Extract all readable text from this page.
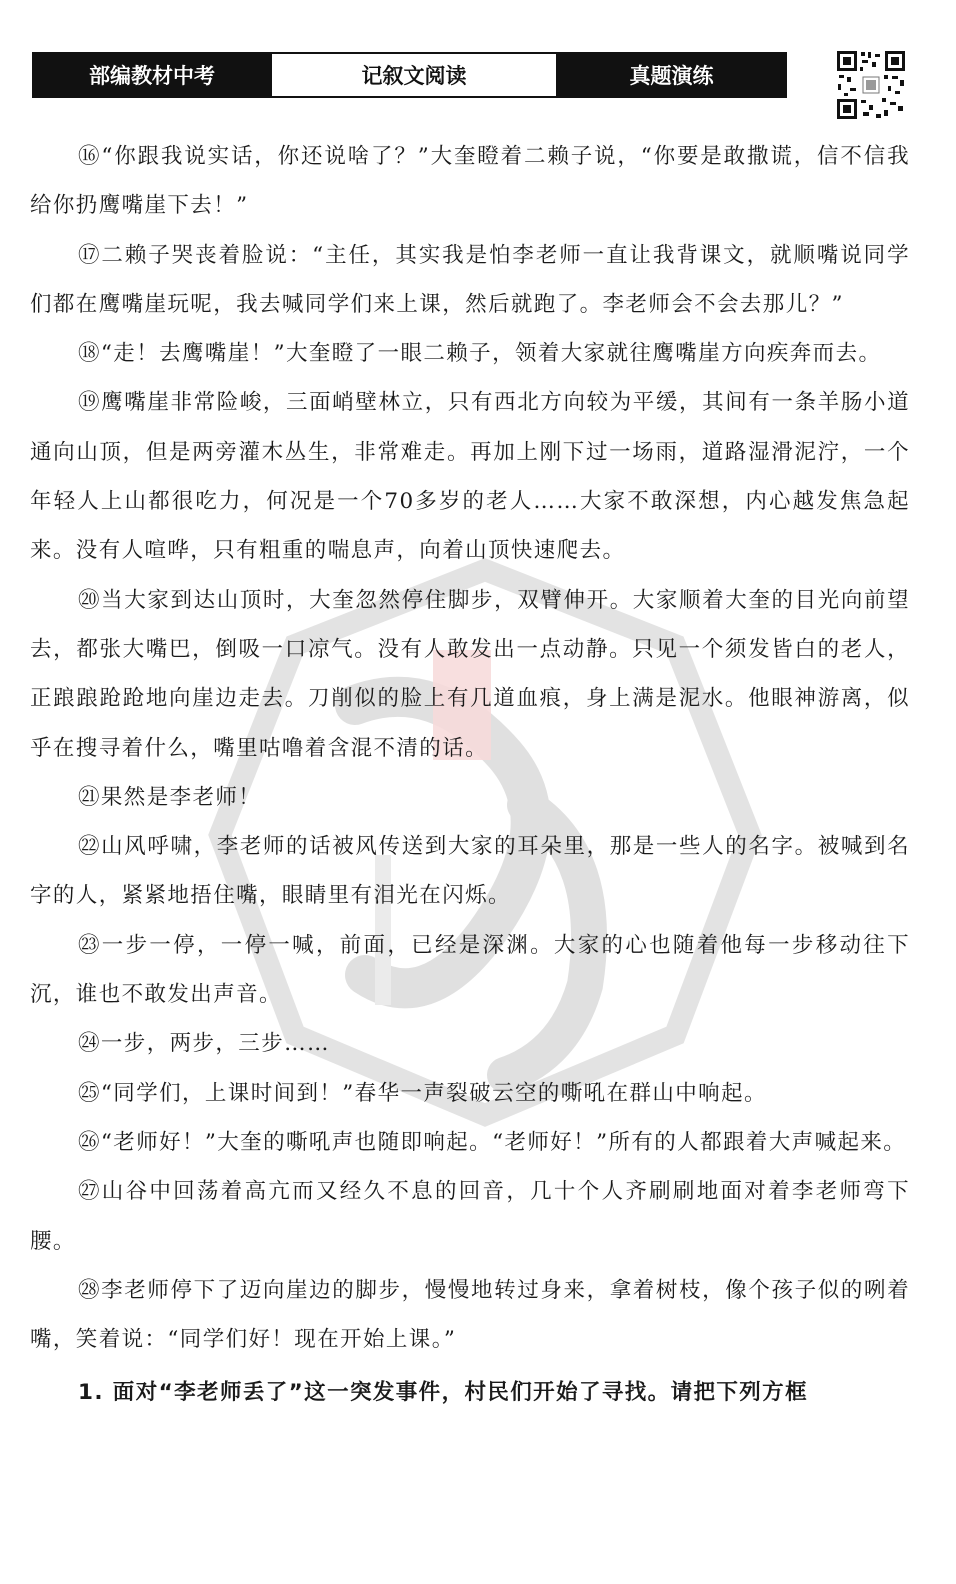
部编教材中考	记叙文阅读	真题演练

⑯“你跟我说实话，你还说啥了？”大奎瞪着二赖子说，“你要是敢撒谎，信不信我给你扔鹰嘴崖下去！”

⑰二赖子哭丧着脸说：“主任，其实我是怕李老师一直让我背课文，就顺嘴说同学们都在鹰嘴崖玩呢，我去喊同学们来上课，然后就跑了。李老师会不会去那儿？”

⑱“走！去鹰嘴崖！”大奎瞪了一眼二赖子，领着大家就往鹰嘴崖方向疾奔而去。

⑲鹰嘴崖非常险峻，三面峭壁林立，只有西北方向较为平缓，其间有一条羊肠小道通向山顶，但是两旁灌木丛生，非常难走。再加上刚下过一场雨，道路湿滑泥泞，一个年轻人上山都很吃力，何况是一个70多岁的老人……大家不敢深想，内心越发焦急起来。没有人喧哗，只有粗重的喘息声，向着山顶快速爬去。

⑳当大家到达山顶时，大奎忽然停住脚步，双臂伸开。大家顺着大奎的目光向前望去，都张大嘴巴，倒吸一口凉气。没有人敢发出一点动静。只见一个须发皆白的老人，正踉踉跄跄地向崖边走去。刀削似的脸上有几道血痕，身上满是泥水。他眼神游离，似乎在搜寻着什么，嘴里咕噜着含混不清的话。

㉑果然是李老师！

㉒山风呼啸，李老师的话被风传送到大家的耳朵里，那是一些人的名字。被喊到名字的人，紧紧地捂住嘴，眼睛里有泪光在闪烁。

㉓一步一停，一停一喊，前面，已经是深渊。大家的心也随着他每一步移动往下沉，谁也不敢发出声音。

㉔一步，两步，三步……

㉕“同学们，上课时间到！”春华一声裂破云空的嘶吼在群山中响起。

㉖“老师好！”大奎的嘶吼声也随即响起。“老师好！”所有的人都跟着大声喊起来。

㉗山谷中回荡着高亢而又经久不息的回音，几十个人齐刷刷地面对着李老师弯下腰。

㉘李老师停下了迈向崖边的脚步，慢慢地转过身来，拿着树枝，像个孩子似的咧着嘴，笑着说：“同学们好！现在开始上课。”

1. 面对“李老师丢了”这一突发事件，村民们开始了寻找。请把下列方框
